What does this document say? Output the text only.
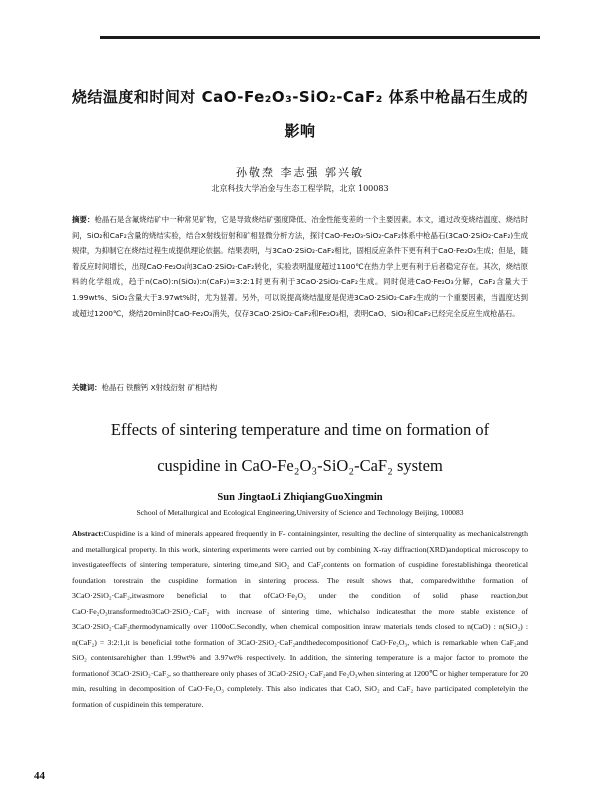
烧结温度和时间对 CaO-Fe₂O₃-SiO₂-CaF₂ 体系中枪晶石生成的
影响
孙敬焘 李志强 郭兴敏
北京科技大学冶金与生态工程学院，北京 100083
摘要：枪晶石是含氟烧结矿中一种常见矿物，它是导致烧结矿强度降低、冶金性能变差的一个主要因素。本文，通过改变烧结温度、烧结时间，SiO₂和CaF₂含量的烧结实验，结合X射线衍射和矿相显微分析方法，探讨CaO-Fe₂O₃-SiO₂-CaF₂体系中枪晶石(3CaO·2SiO₂·CaF₂)生成规律，为抑制它在烧结过程生成提供理论依据。结果表明，与3CaO·2SiO₂·CaF₂相比，固相反应条件下更有利于CaO·Fe₂O₃生成；但是，随着反应时间增长，出现CaO·Fe₂O₃向3CaO·2SiO₂·CaF₂转化，实验表明温度超过1100℃在热力学上更有利于后者稳定存在。其次，烧结原料的化学组成，趋于n(CaO):n(SiO₂):n(CaF₂)=3:2:1时更有利于3CaO·2SiO₂·CaF₂生成。同时促进CaO·Fe₂O₃分解，CaF₂含量大于1.99wt%、SiO₂含量大于3.97wt%时，尤为显著。另外，可以说提高烧结温度是促进3CaO·2SiO₂·CaF₂生成的一个重要因素，当温度达到或超过1200℃，烧结20min时CaO·Fe₂O₃消失，仅存3CaO·2SiO₂·CaF₂和Fe₂O₃相，表明CaO、SiO₂和CaF₂已经完全反应生成枪晶石。
关键词：枪晶石 铁酸钙 X射线衍射 矿相结构
Effects of sintering temperature and time on formation of
cuspidine in CaO-Fe₂O₃-SiO₂-CaF₂ system
Sun JingtaoLi ZhiqiangGuoXingmin
School of Metallurgical and Ecological Engineering,University of Science and Technology Beijing, 100083
Abstract:Cuspidine is a kind of minerals appeared frequently in F- containingsinter, resulting the decline of sinterquality as mechanicalstrength and metallurgical property. In this work, sintering experiments were carried out by combining X-ray diffraction(XRD)andoptical microscopy to investigateeffects of sintering temperature, sintering time,and SiO₂ and CaF₂contents on formation of cuspidine forestablishinga theoretical foundation torestrain the cuspidine formation in sintering process. The result shows that, comparedwiththe formation of 3CaO·2SiO₂·CaF₂,itwasmore beneficial to that ofCaO·Fe₂O₃ under the condition of solid phase reaction,but CaO·Fe₂O₃transformedto3CaO·2SiO₂·CaF₂ with increase of sintering time, whichalso indicatesthat the more stable existence of 3CaO·2SiO₂·CaF₂thermodynamically over 1100oC.Secondly, when chemical composition inraw materials tends closed to n(CaO) : n(SiO₂) : n(CaF₂) = 3:2:1,it is beneficial tothe formation of 3CaO·2SiO₂·CaF₂andthedecompositionof CaO·Fe₂O₃, which is remarkable when CaF₂and SiO₂ contentsarehigher than 1.99wt% and 3.97wt% respectively. In addition, the sintering temperature is a major factor to promote the formationof 3CaO·2SiO₂·CaF₂, so thatthereare only phases of 3CaO·2SiO₂·CaF₂and Fe₂O₃when sintering at 1200℃ or higher temperature for 20 min, resulting in decomposition of CaO·Fe₂O₃ completely. This also indicates that CaO, SiO₂ and CaF₂ have participated completelyin the formation of cuspidinein this temperature.
44
